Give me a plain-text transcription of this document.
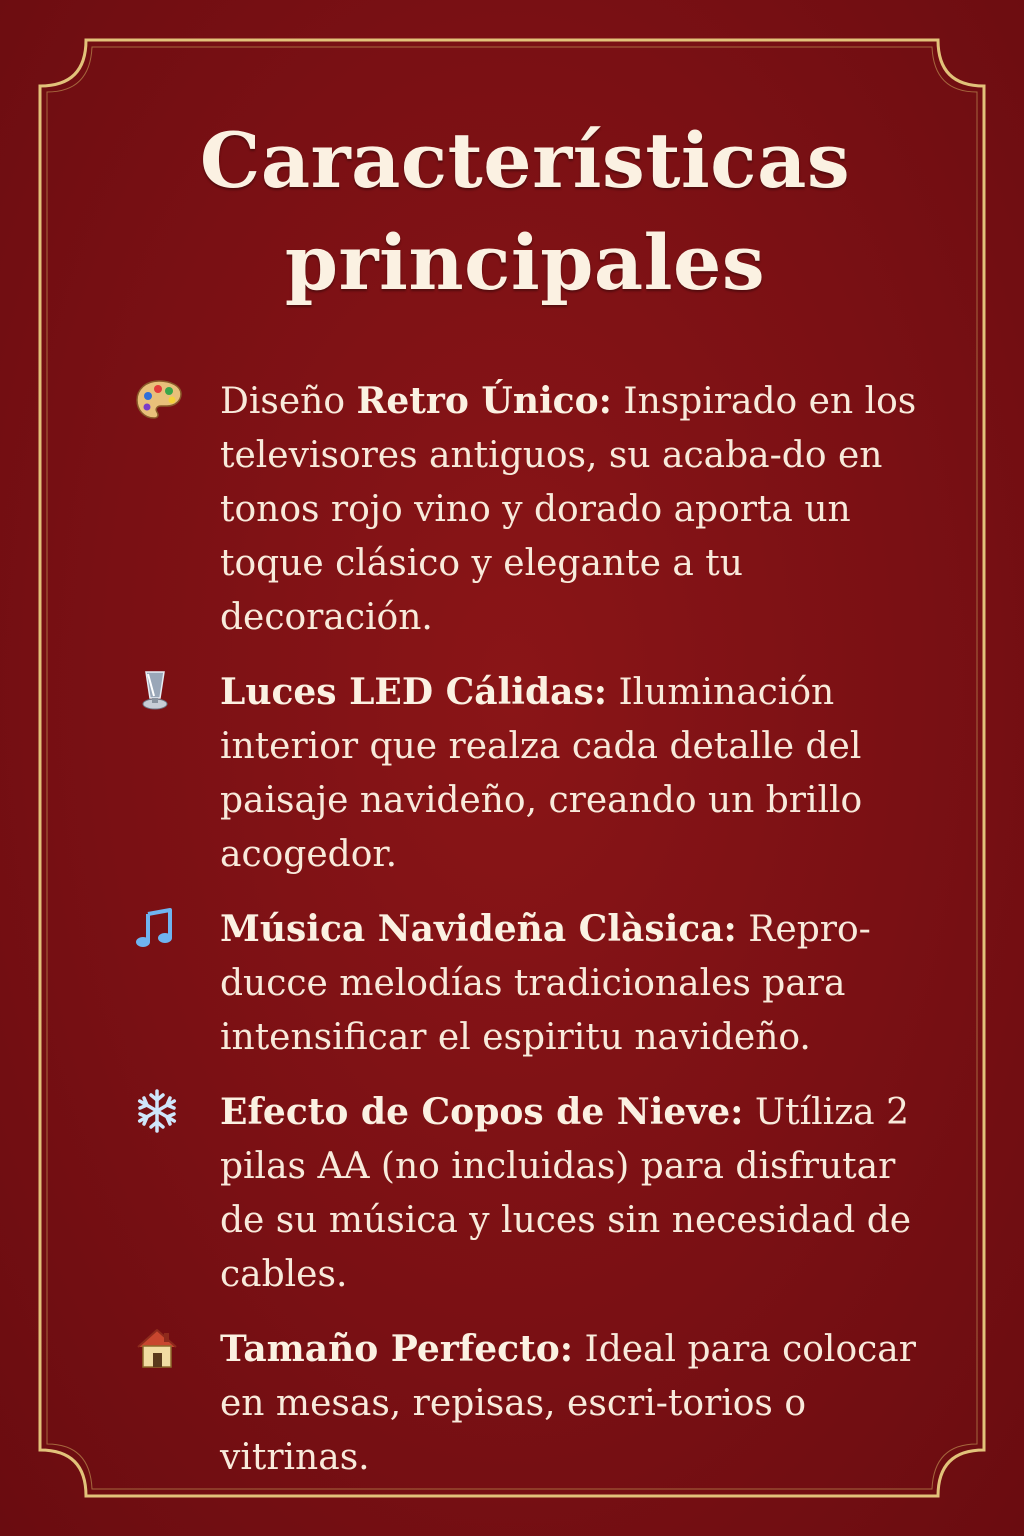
Características
principales
Diseño Retro Único: Inspirado en los televisores antiguos, su acaba-do en tonos rojo vino y dorado aporta un toque clásico y elegante a tu decoración.
Luces LED Cálidas: Iluminación interior que realza cada detalle del paisaje navideño, creando un brillo acogedor.
Música Navideña Clàsica: Repro-ducce melodías tradicionales para intensificar el espiritu navideño.
Efecto de Copos de Nieve: Utíliza 2 pilas AA (no incluidas) para disfrutar de su música y luces sin necesidad de cables.
Tamaño Perfecto: Ideal para colocar en mesas, repisas, escri-torios o vitrinas.
